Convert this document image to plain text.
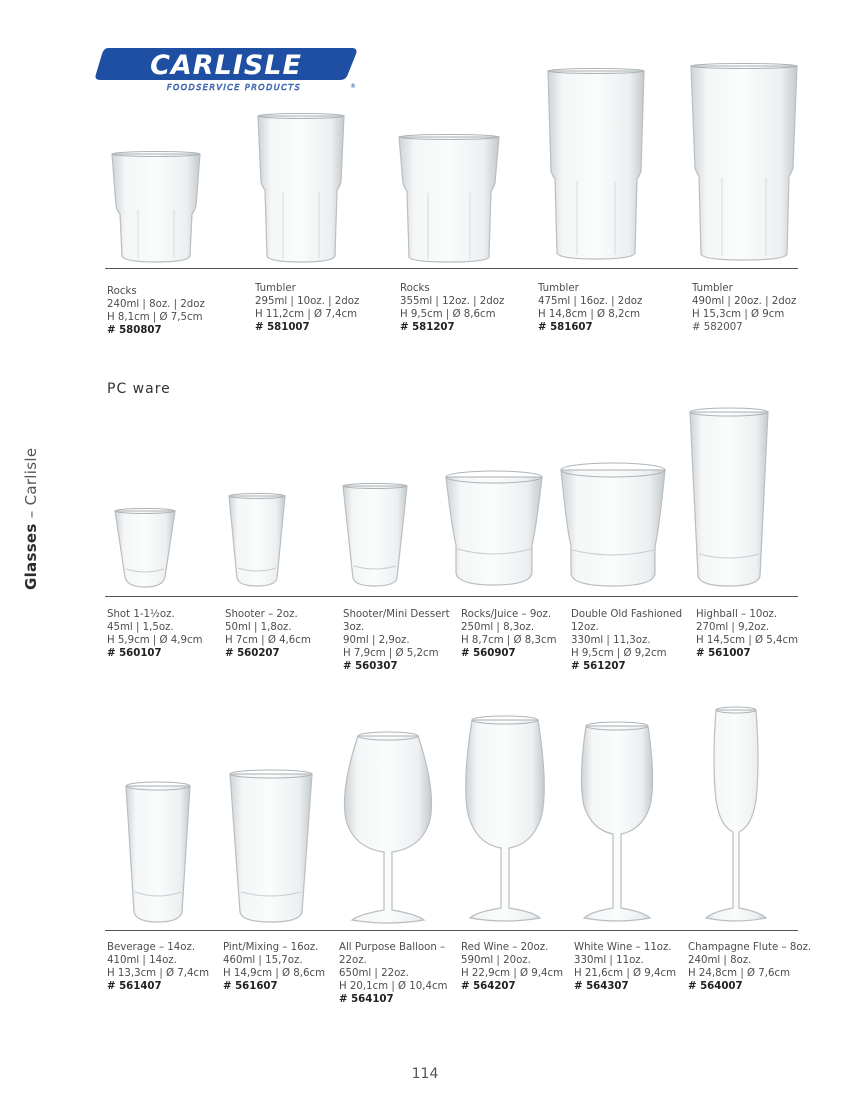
CARLISLE
®
FOODSERVICE PRODUCTS
Glasses – Carlisle
Rocks
240ml | 8oz. | 2doz
H 8,1cm | Ø 7,5cm
# 580807
Tumbler
295ml | 10oz. | 2doz
H 11,2cm | Ø 7,4cm
# 581007
Rocks
355ml | 12oz. | 2doz
H 9,5cm | Ø 8,6cm
# 581207
Tumbler
475ml | 16oz. | 2doz
H 14,8cm | Ø 8,2cm
# 581607
Tumbler
490ml | 20oz. | 2doz
H 15,3cm | Ø 9cm
# 582007
PC ware
Shot 1-1½oz.
45ml | 1,5oz.
H 5,9cm | Ø 4,9cm
# 560107
Shooter – 2oz.
50ml | 1,8oz.
H 7cm | Ø 4,6cm
# 560207
Shooter/Mini Dessert
3oz.
90ml | 2,9oz.
H 7,9cm | Ø 5,2cm
# 560307
Rocks/Juice – 9oz.
250ml | 8,3oz.
H 8,7cm | Ø 8,3cm
# 560907
Double Old Fashioned
12oz.
330ml | 11,3oz.
H 9,5cm | Ø 9,2cm
# 561207
Highball – 10oz.
270ml | 9,2oz.
H 14,5cm | Ø 5,4cm
# 561007
Beverage – 14oz.
410ml | 14oz.
H 13,3cm | Ø 7,4cm
# 561407
Pint/Mixing – 16oz.
460ml | 15,7oz.
H 14,9cm | Ø 8,6cm
# 561607
All Purpose Balloon –
22oz.
650ml | 22oz.
H 20,1cm | Ø 10,4cm
# 564107
Red Wine – 20oz.
590ml | 20oz.
H 22,9cm | Ø 9,4cm
# 564207
White Wine – 11oz.
330ml | 11oz.
H 21,6cm | Ø 9,4cm
# 564307
Champagne Flute – 8oz.
240ml | 8oz.
H 24,8cm | Ø 7,6cm
# 564007
114
